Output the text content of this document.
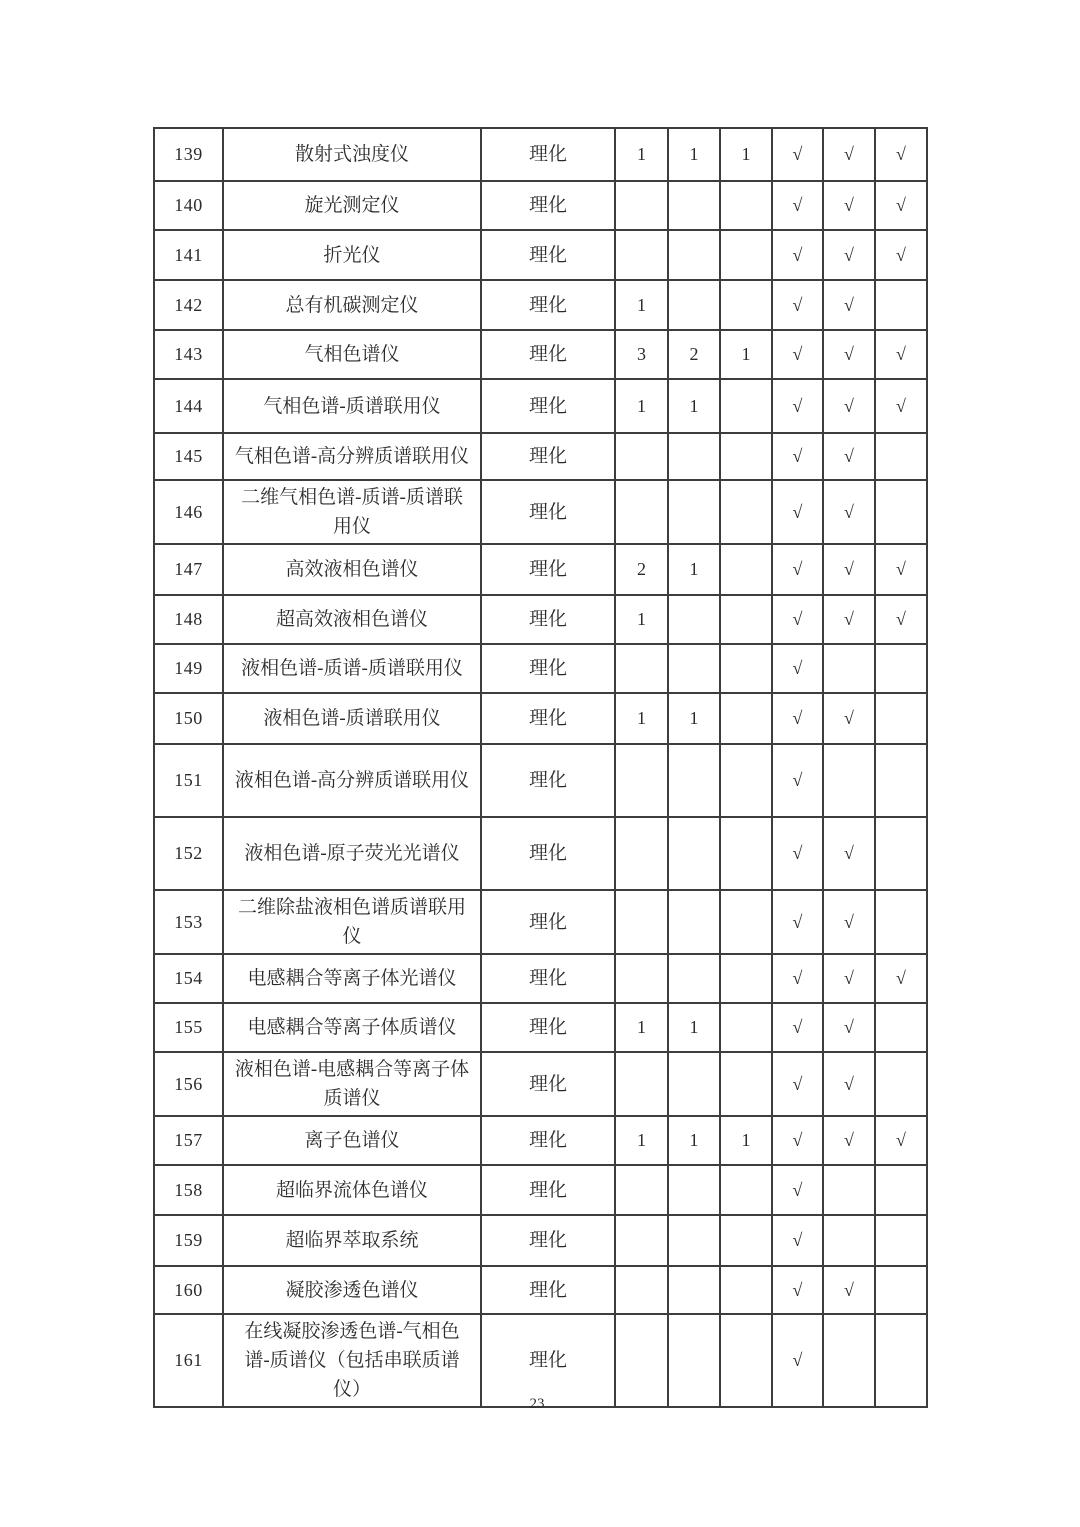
139	散射式浊度仪	理化	1	1	1	√	√	√
140	旋光测定仪	理化				√	√	√
141	折光仪	理化				√	√	√
142	总有机碳测定仪	理化	1			√	√	
143	气相色谱仪	理化	3	2	1	√	√	√
144	气相色谱-质谱联用仪	理化	1	1		√	√	√
145	气相色谱-高分辨质谱联用仪	理化				√	√	
146	二维气相色谱-质谱-质谱联用仪	理化				√	√	
147	高效液相色谱仪	理化	2	1		√	√	√
148	超高效液相色谱仪	理化	1			√	√	√
149	液相色谱-质谱-质谱联用仪	理化				√		
150	液相色谱-质谱联用仪	理化	1	1		√	√	
151	液相色谱-高分辨质谱联用仪	理化				√		
152	液相色谱-原子荧光光谱仪	理化				√	√	
153	二维除盐液相色谱质谱联用仪	理化				√	√	
154	电感耦合等离子体光谱仪	理化				√	√	√
155	电感耦合等离子体质谱仪	理化	1	1		√	√	
156	液相色谱-电感耦合等离子体质谱仪	理化				√	√	
157	离子色谱仪	理化	1	1	1	√	√	√
158	超临界流体色谱仪	理化				√		
159	超临界萃取系统	理化				√		
160	凝胶渗透色谱仪	理化				√	√	
161	在线凝胶渗透色谱-气相色谱-质谱仪（包括串联质谱仪）	理化				√		
23
